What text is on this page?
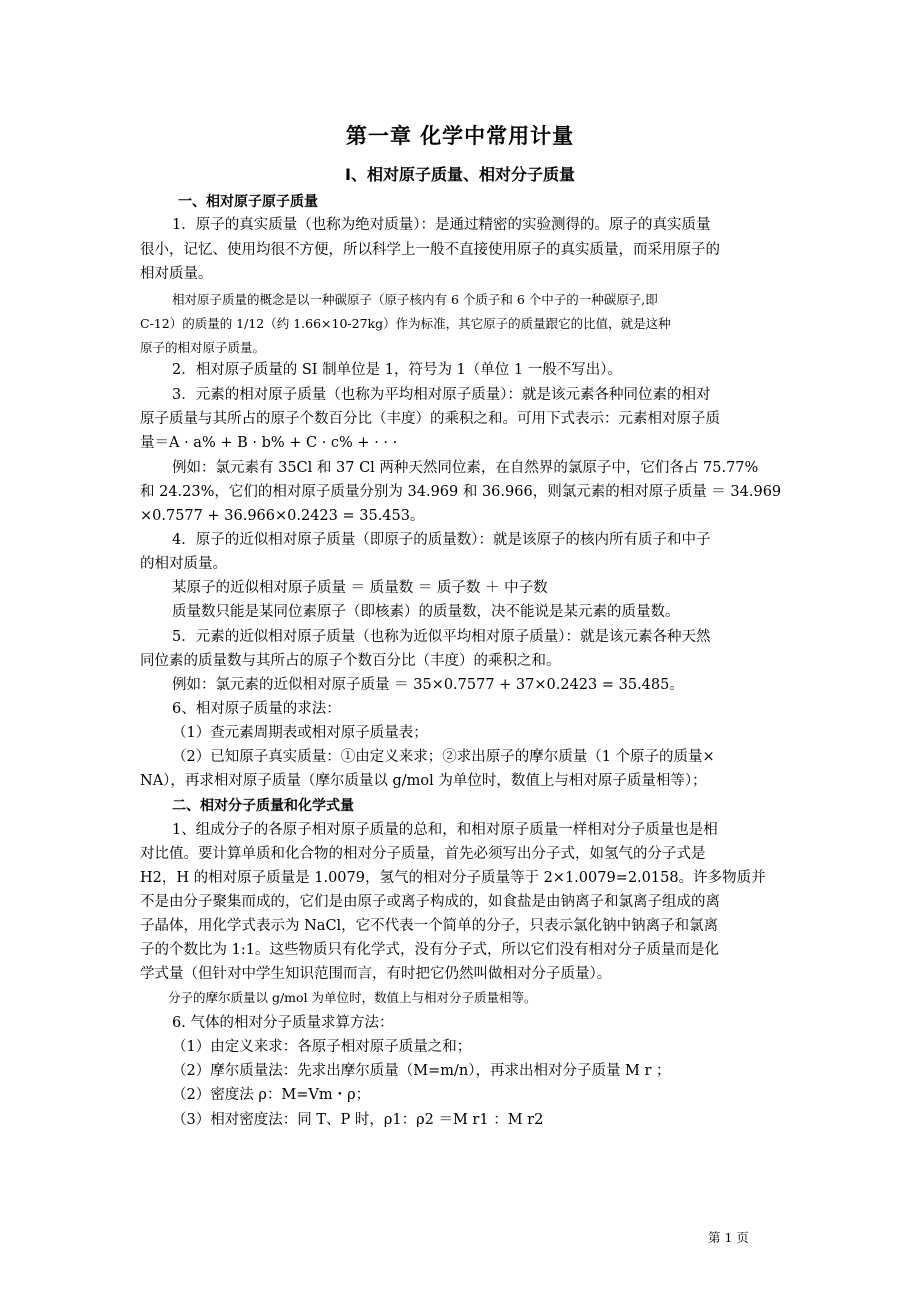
第一章 化学中常用计量
I、相对原子质量、相对分子质量
一、相对原子原子质量
1．原子的真实质量（也称为绝对质量）：是通过精密的实验测得的。原子的真实质量
很小，记忆、使用均很不方便，所以科学上一般不直接使用原子的真实质量，而采用原子的
相对质量。
相对原子质量的概念是以一种碳原子（原子核内有 6 个质子和 6 个中子的一种碳原子,即
C-12）的质量的 1/12（约 1.66×10-27kg）作为标准，其它原子的质量跟它的比值，就是这种
原子的相对原子质量。
2．相对原子质量的 SI 制单位是 1，符号为 1（单位 1 一般不写出）。
3．元素的相对原子质量（也称为平均相对原子质量）：就是该元素各种同位素的相对
原子质量与其所占的原子个数百分比（丰度）的乘积之和。可用下式表示：元素相对原子质
量＝A · a% + B · b% + C · c% + · · ·
例如：氯元素有 35Cl 和 37 Cl 两种天然同位素，在自然界的氯原子中，它们各占 75.77%
和 24.23%，它们的相对原子质量分别为 34.969 和 36.966，则氯元素的相对原子质量 ＝ 34.969
×0.7577 + 36.966×0.2423 = 35.453。
4．原子的近似相对原子质量（即原子的质量数）：就是该原子的核内所有质子和中子
的相对质量。
某原子的近似相对原子质量 ＝ 质量数 ＝ 质子数 ＋ 中子数
质量数只能是某同位素原子（即核素）的质量数，决不能说是某元素的质量数。
5．元素的近似相对原子质量（也称为近似平均相对原子质量）：就是该元素各种天然
同位素的质量数与其所占的原子个数百分比（丰度）的乘积之和。
例如：氯元素的近似相对原子质量 ＝ 35×0.7577 + 37×0.2423 = 35.485。
6、相对原子质量的求法：
（1）查元素周期表或相对原子质量表；
（2）已知原子真实质量：①由定义来求；②求出原子的摩尔质量（1 个原子的质量×
NA），再求相对原子质量（摩尔质量以 g/mol 为单位时，数值上与相对原子质量相等）；
二、相对分子质量和化学式量
1、组成分子的各原子相对原子质量的总和，和相对原子质量一样相对分子质量也是相
对比值。要计算单质和化合物的相对分子质量，首先必须写出分子式，如氢气的分子式是
H2，H 的相对原子质量是 1.0079，氢气的相对分子质量等于 2×1.0079=2.0158。许多物质并
不是由分子聚集而成的，它们是由原子或离子构成的，如食盐是由钠离子和氯离子组成的离
子晶体，用化学式表示为 NaCl，它不代表一个简单的分子，只表示氯化钠中钠离子和氯离
子的个数比为 1:1。这些物质只有化学式，没有分子式，所以它们没有相对分子质量而是化
学式量（但针对中学生知识范围而言，有时把它仍然叫做相对分子质量）。
分子的摩尔质量以 g/mol 为单位时，数值上与相对分子质量相等。
6. 气体的相对分子质量求算方法：
（1）由定义来求：各原子相对原子质量之和；
（2）摩尔质量法：先求出摩尔质量（M=m/n），再求出相对分子质量 M r ；
（2）密度法 ρ：M=Vm・ρ；
（3）相对密度法：同 T、P 时，ρ1：ρ2 ＝M r1 ：M r2
第 1 页
